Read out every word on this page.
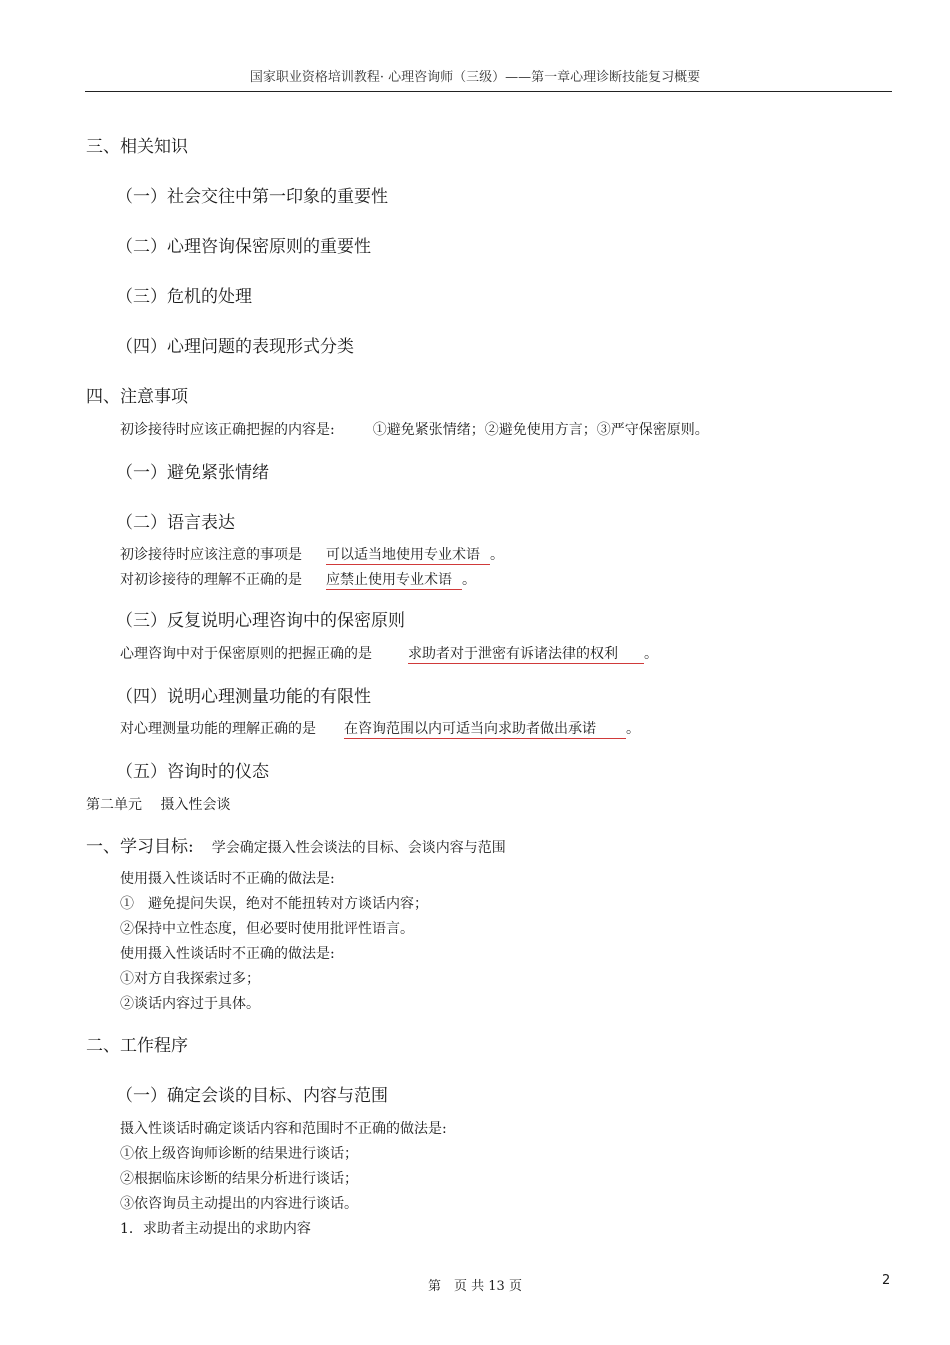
国家职业资格培训教程· 心理咨询师（三级）——第一章心理诊断技能复习概要
三、相关知识
（一）社会交往中第一印象的重要性
（二）心理咨询保密原则的重要性
（三）危机的处理
（四）心理问题的表现形式分类
四、注意事项
初诊接待时应该正确把握的内容是:	①避免紧张情绪；②避免使用方言；③严守保密原则。
（一）避免紧张情绪
（二）语言表达
初诊接待时应该注意的事项是 可以适当地使用专业术语 。
对初诊接待的理解不正确的是 应禁止使用专业术语 。
（三）反复说明心理咨询中的保密原则
心理咨询中对于保密原则的把握正确的是	求助者对于泄密有诉诸法律的权利 。
（四）说明心理测量功能的有限性
对心理测量功能的理解正确的是 在咨询范围以内可适当向求助者做出承诺 。
（五）咨询时的仪态
第二单元　 摄入性会谈
一、学习目标: 学会确定摄入性会谈法的目标、会谈内容与范围
使用摄入性谈话时不正确的做法是:
①　避免提问失误，绝对不能扭转对方谈话内容；
②保持中立性态度，但必要时使用批评性语言。
使用摄入性谈话时不正确的做法是:
①对方自我探索过多；
②谈话内容过于具体。
二、工作程序
（一）确定会谈的目标、内容与范围
摄入性谈话时确定谈话内容和范围时不正确的做法是:
①依上级咨询师诊断的结果进行谈话；
②根据临床诊断的结果分析进行谈话；
③依咨询员主动提出的内容进行谈话。
1．求助者主动提出的求助内容
第　页 共 13 页	2
